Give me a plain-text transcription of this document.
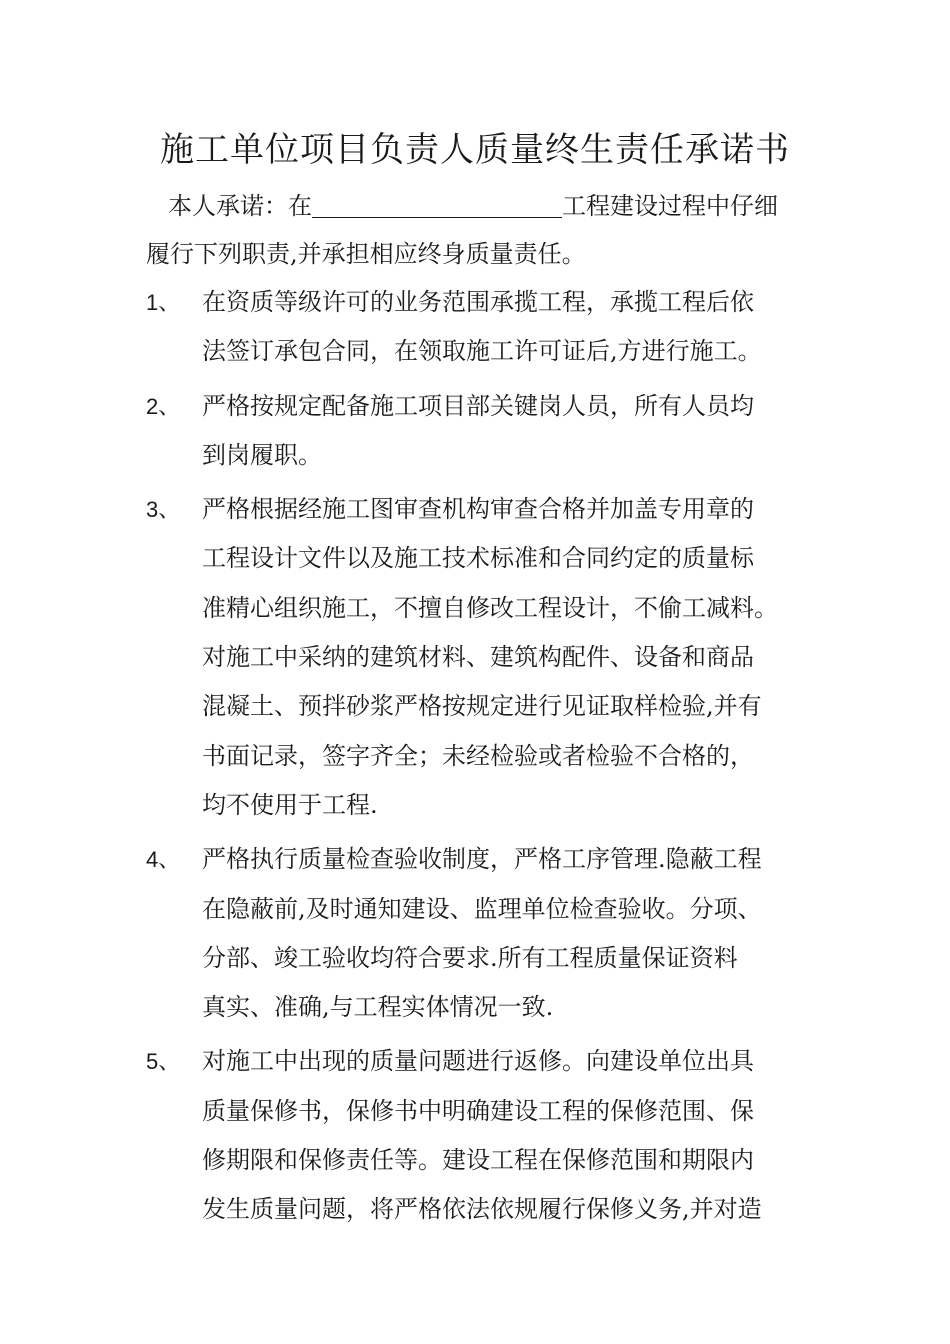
施工单位项目负责人质量终生责任承诺书
本人承诺：在	工程建设过程中仔细
履行下列职责,并承担相应终身质量责任。
1、 在资质等级许可的业务范围承揽工程，承揽工程后依
法签订承包合同，在领取施工许可证后,方进行施工。
2、 严格按规定配备施工项目部关键岗人员，所有人员均
到岗履职。
3、 严格根据经施工图审查机构审查合格并加盖专用章的
工程设计文件以及施工技术标准和合同约定的质量标
准精心组织施工，不擅自修改工程设计，不偷工减料。
对施工中采纳的建筑材料、建筑构配件、设备和商品
混凝土、预拌砂浆严格按规定进行见证取样检验,并有
书面记录，签字齐全；未经检验或者检验不合格的，
均不使用于工程.
4、 严格执行质量检查验收制度，严格工序管理.隐蔽工程
在隐蔽前,及时通知建设、监理单位检查验收。分项、
分部、竣工验收均符合要求.所有工程质量保证资料
真实、准确,与工程实体情况一致.
5、 对施工中出现的质量问题进行返修。向建设单位出具
质量保修书，保修书中明确建设工程的保修范围、保
修期限和保修责任等。建设工程在保修范围和期限内
发生质量问题，将严格依法依规履行保修义务,并对造
